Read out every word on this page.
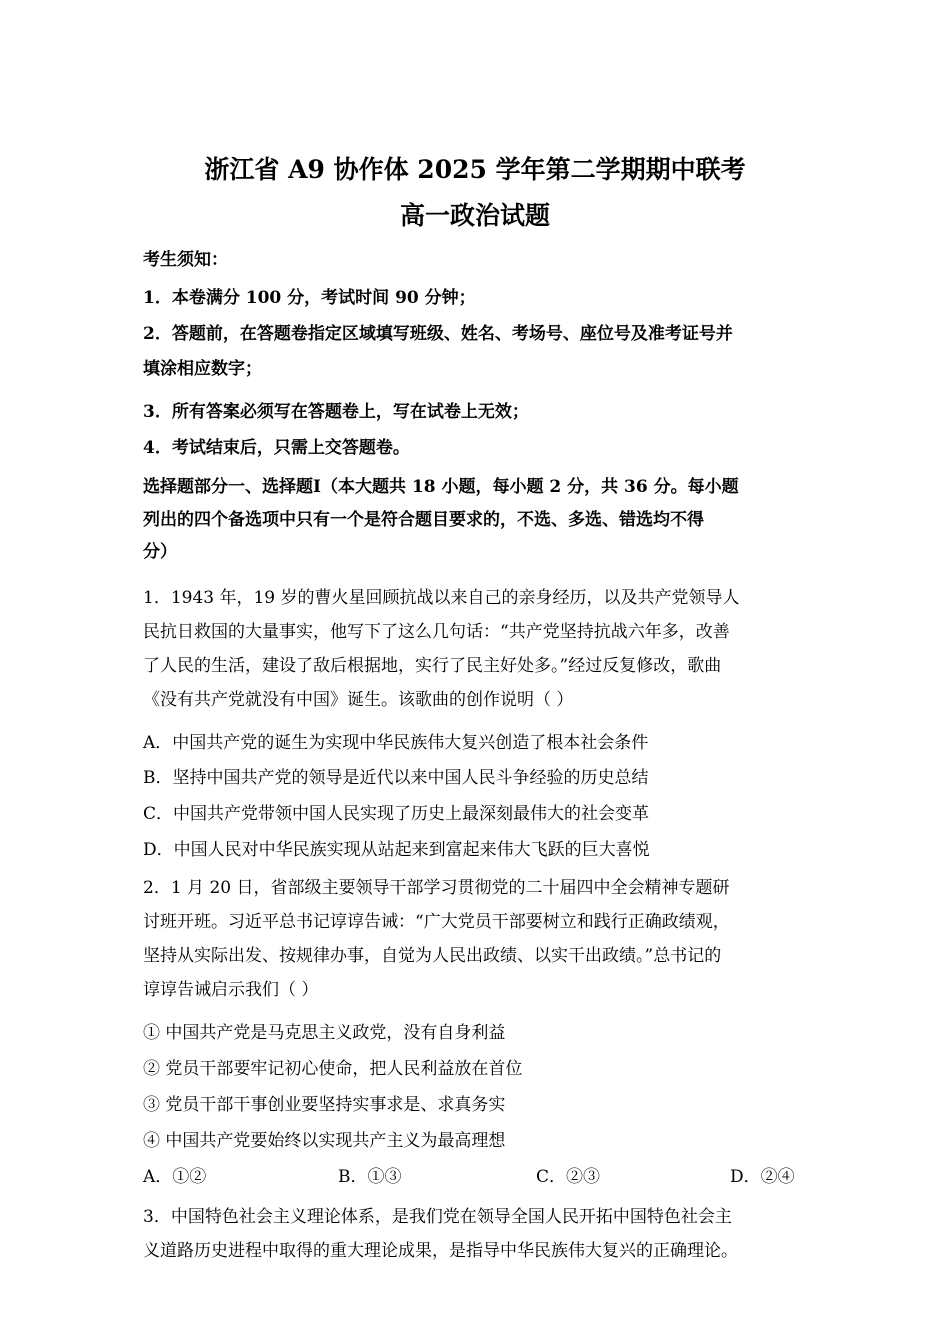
浙江省 A9 协作体 2025 学年第二学期期中联考
高一政治试题
考生须知：
1．本卷满分 100 分，考试时间 90 分钟；
2．答题前，在答题卷指定区域填写班级、姓名、考场号、座位号及准考证号并
填涂相应数字；
3．所有答案必须写在答题卷上，写在试卷上无效；
4．考试结束后，只需上交答题卷。
选择题部分一、选择题Ⅰ（本大题共 18 小题，每小题 2 分，共 36 分。每小题
列出的四个备选项中只有一个是符合题目要求的，不选、多选、错选均不得
分）
1．1943 年，19 岁的曹火星回顾抗战以来自己的亲身经历，以及共产党领导人
民抗日救国的大量事实，他写下了这么几句话：“共产党坚持抗战六年多，改善
了人民的生活，建设了敌后根据地，实行了民主好处多。”经过反复修改，歌曲
《没有共产党就没有中国》诞生。该歌曲的创作说明（ ）
A．中国共产党的诞生为实现中华民族伟大复兴创造了根本社会条件
B．坚持中国共产党的领导是近代以来中国人民斗争经验的历史总结
C．中国共产党带领中国人民实现了历史上最深刻最伟大的社会变革
D．中国人民对中华民族实现从站起来到富起来伟大飞跃的巨大喜悦
2．1 月 20 日，省部级主要领导干部学习贯彻党的二十届四中全会精神专题研
讨班开班。习近平总书记谆谆告诫：“广大党员干部要树立和践行正确政绩观，
坚持从实际出发、按规律办事，自觉为人民出政绩、以实干出政绩。”总书记的
谆谆告诫启示我们（ ）
① 中国共产党是马克思主义政党，没有自身利益
② 党员干部要牢记初心使命，把人民利益放在首位
③ 党员干部干事创业要坚持实事求是、求真务实
④ 中国共产党要始终以实现共产主义为最高理想
A．①②	B．①③	C．②③	D．②④
3．中国特色社会主义理论体系，是我们党在领导全国人民开拓中国特色社会主
义道路历史进程中取得的重大理论成果，是指导中华民族伟大复兴的正确理论。
